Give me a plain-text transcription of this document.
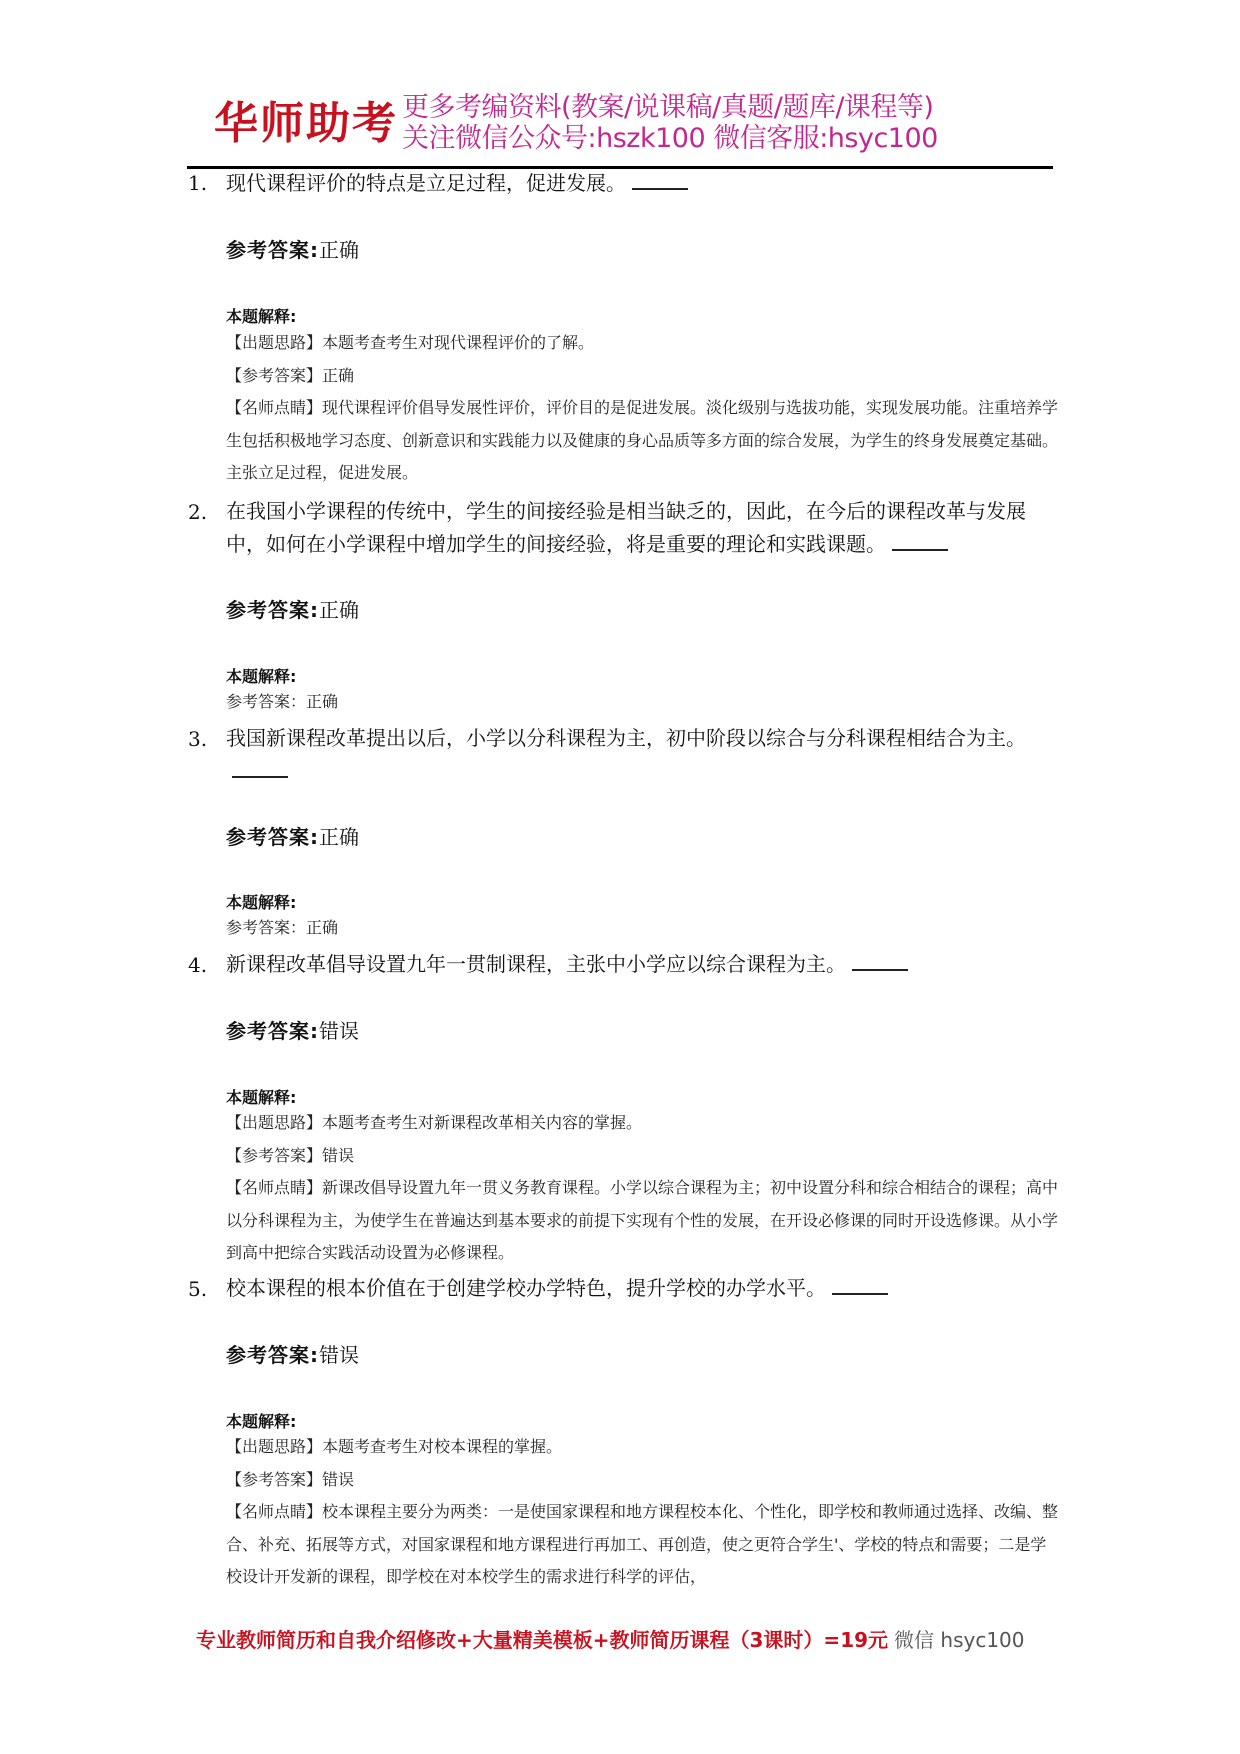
华师助考 更多考编资料(教案/说课稿/真题/题库/课程等)
关注微信公众号:hszk100 微信客服:hsyc100
1. 现代课程评价的特点是立足过程，促进发展。
参考答案:正确
本题解释:
【出题思路】本题考查考生对现代课程评价的了解。
【参考答案】正确
【名师点睛】现代课程评价倡导发展性评价，评价目的是促进发展。淡化级别与选拔功能，实现发展功能。注重培养学生包括积极地学习态度、创新意识和实践能力以及健康的身心品质等多方面的综合发展，为学生的终身发展奠定基础。主张立足过程，促进发展。
2. 在我国小学课程的传统中，学生的间接经验是相当缺乏的，因此，在今后的课程改革与发展中，如何在小学课程中增加学生的间接经验，将是重要的理论和实践课题。
参考答案:正确
本题解释:
参考答案：正确
3. 我国新课程改革提出以后，小学以分科课程为主，初中阶段以综合与分科课程相结合为主。
参考答案:正确
本题解释:
参考答案：正确
4. 新课程改革倡导设置九年一贯制课程，主张中小学应以综合课程为主。
参考答案:错误
本题解释:
【出题思路】本题考查考生对新课程改革相关内容的掌握。
【参考答案】错误
【名师点睛】新课改倡导设置九年一贯义务教育课程。小学以综合课程为主；初中设置分科和综合相结合的课程；高中以分科课程为主，为使学生在普遍达到基本要求的前提下实现有个性的发展，在开设必修课的同时开设选修课。从小学到高中把综合实践活动设置为必修课程。
5. 校本课程的根本价值在于创建学校办学特色，提升学校的办学水平。
参考答案:错误
本题解释:
【出题思路】本题考查考生对校本课程的掌握。
【参考答案】错误
【名师点睛】校本课程主要分为两类：一是使国家课程和地方课程校本化、个性化，即学校和教师通过选择、改编、整合、补充、拓展等方式，对国家课程和地方课程进行再加工、再创造，使之更符合学生'、学校的特点和需要；二是学校设计开发新的课程，即学校在对本校学生的需求进行科学的评估，
专业教师简历和自我介绍修改+大量精美模板+教师简历课程（3课时）=19元 微信 hsyc100
